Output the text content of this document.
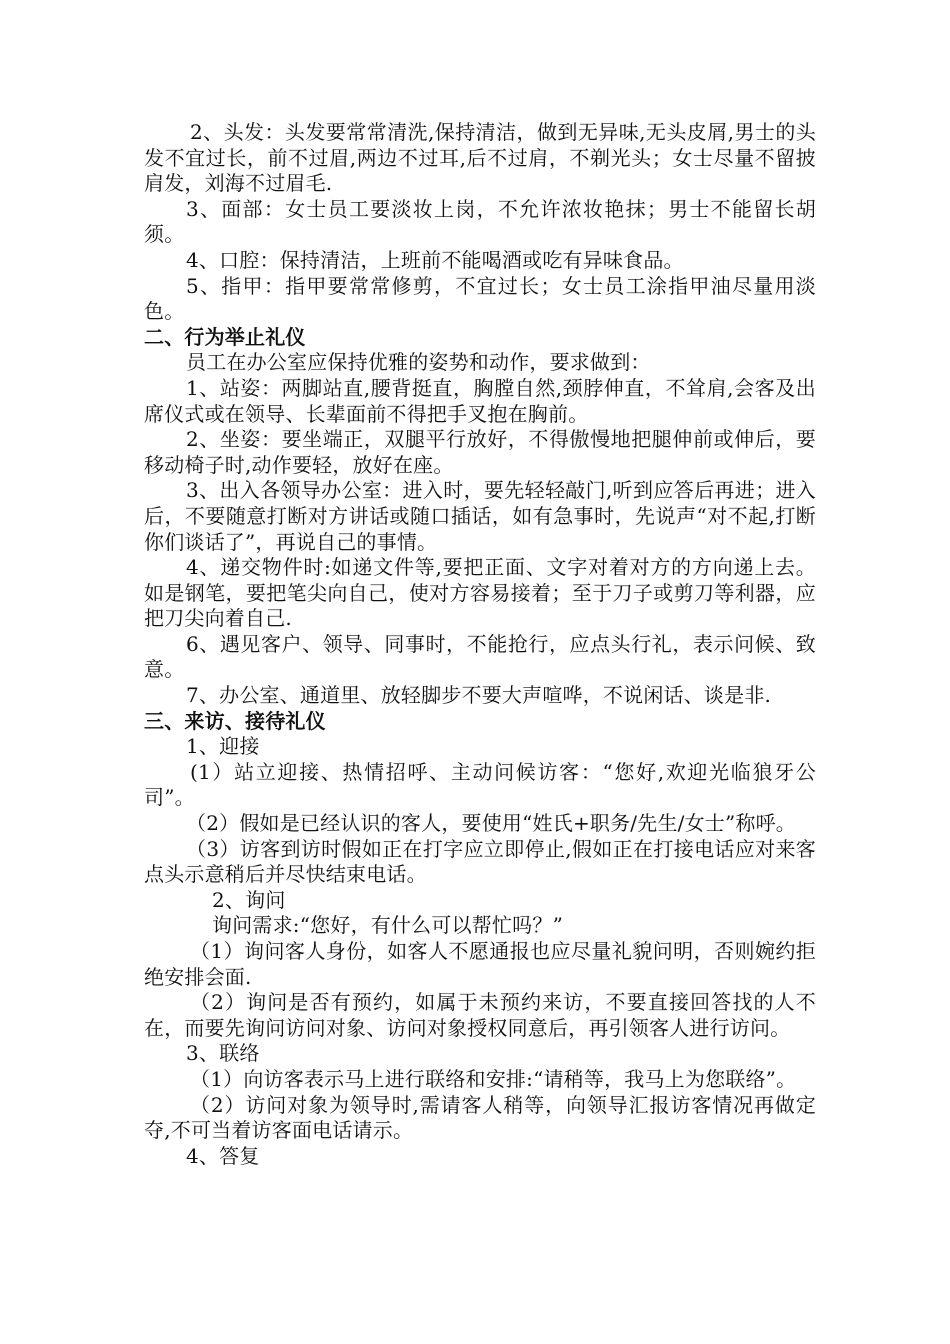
2、头发：头发要常常清洗,保持清洁，做到无异味,无头皮屑,男士的头发不宜过长，前不过眉,两边不过耳,后不过肩，不剃光头；女士尽量不留披肩发，刘海不过眉毛.

3、面部：女士员工要淡妆上岗，不允许浓妆艳抹；男士不能留长胡须。

4、口腔：保持清洁，上班前不能喝酒或吃有异味食品。

5、指甲：指甲要常常修剪，不宜过长；女士员工涂指甲油尽量用淡色。

二、行为举止礼仪

员工在办公室应保持优雅的姿势和动作，要求做到：

1、站姿：两脚站直,腰背挺直，胸膛自然,颈脖伸直，不耸肩,会客及出席仪式或在领导、长辈面前不得把手叉抱在胸前。

2、坐姿：要坐端正，双腿平行放好，不得傲慢地把腿伸前或伸后，要移动椅子时,动作要轻，放好在座。

3、出入各领导办公室：进入时，要先轻轻敲门,听到应答后再进；进入后，不要随意打断对方讲话或随口插话，如有急事时，先说声“对不起,打断你们谈话了”，再说自己的事情。

4、递交物件时:如递文件等,要把正面、文字对着对方的方向递上去。如是钢笔，要把笔尖向自己，使对方容易接着；至于刀子或剪刀等利器，应把刀尖向着自己.

6、遇见客户、领导、同事时，不能抢行，应点头行礼，表示问候、致意。

7、办公室、通道里、放轻脚步不要大声喧哗，不说闲话、谈是非.

三、来访、接待礼仪

1、迎接

(1）站立迎接、热情招呼、主动问候访客：“您好,欢迎光临狼牙公司”。

（2）假如是已经认识的客人，要使用“姓氏+职务/先生/女士”称呼。

（3）访客到访时假如正在打字应立即停止,假如正在打接电话应对来客点头示意稍后并尽快结束电话。

2、询问

询问需求:“您好，有什么可以帮忙吗？”

（1）询问客人身份，如客人不愿通报也应尽量礼貌问明，否则婉约拒绝安排会面.

（2）询问是否有预约，如属于未预约来访，不要直接回答找的人不在，而要先询问访问对象、访问对象授权同意后，再引领客人进行访问。

3、联络

（1）向访客表示马上进行联络和安排:“请稍等，我马上为您联络”。

（2）访问对象为领导时,需请客人稍等，向领导汇报访客情况再做定夺,不可当着访客面电话请示。

4、答复
